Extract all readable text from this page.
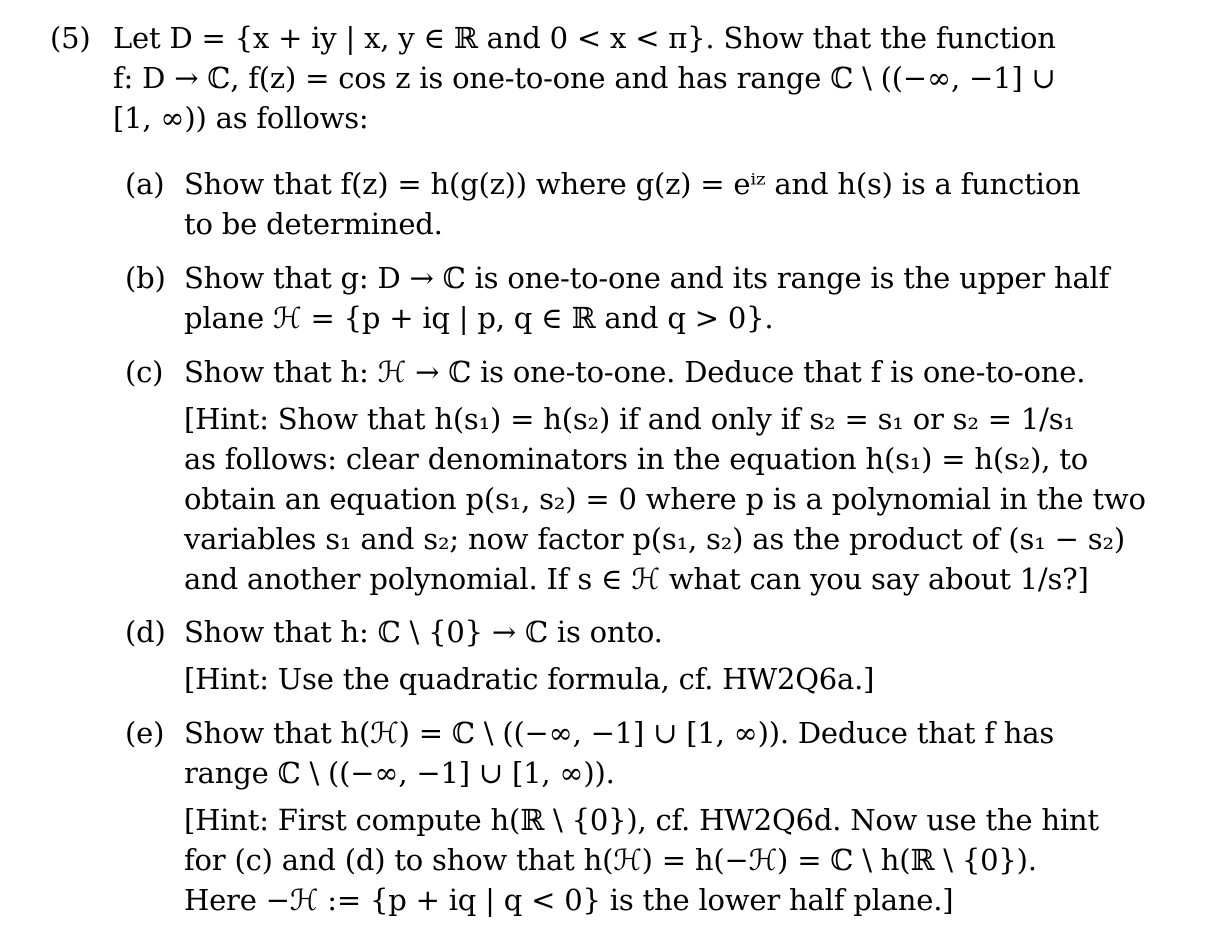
(5) Let D = {x + iy | x, y ∈ ℝ and 0 < x < π}. Show that the function
f: D → ℂ, f(z) = cos z is one-to-one and has range ℂ \ ((−∞, −1] ∪
[1, ∞)) as follows:
(a) Show that f(z) = h(g(z)) where g(z) = eⁱᶻ and h(s) is a function
to be determined.
(b) Show that g: D → ℂ is one-to-one and its range is the upper half
plane ℋ = {p + iq | p, q ∈ ℝ and q > 0}.
(c) Show that h: ℋ → ℂ is one-to-one. Deduce that f is one-to-one.
[Hint: Show that h(s₁) = h(s₂) if and only if s₂ = s₁ or s₂ = 1/s₁
as follows: clear denominators in the equation h(s₁) = h(s₂), to
obtain an equation p(s₁, s₂) = 0 where p is a polynomial in the two
variables s₁ and s₂; now factor p(s₁, s₂) as the product of (s₁ − s₂)
and another polynomial. If s ∈ ℋ what can you say about 1/s?]
(d) Show that h: ℂ \ {0} → ℂ is onto.
[Hint: Use the quadratic formula, cf. HW2Q6a.]
(e) Show that h(ℋ) = ℂ \ ((−∞, −1] ∪ [1, ∞)). Deduce that f has
range ℂ \ ((−∞, −1] ∪ [1, ∞)).
[Hint: First compute h(ℝ \ {0}), cf. HW2Q6d. Now use the hint
for (c) and (d) to show that h(ℋ) = h(−ℋ) = ℂ \ h(ℝ \ {0}).
Here −ℋ := {p + iq | q < 0} is the lower half plane.]
